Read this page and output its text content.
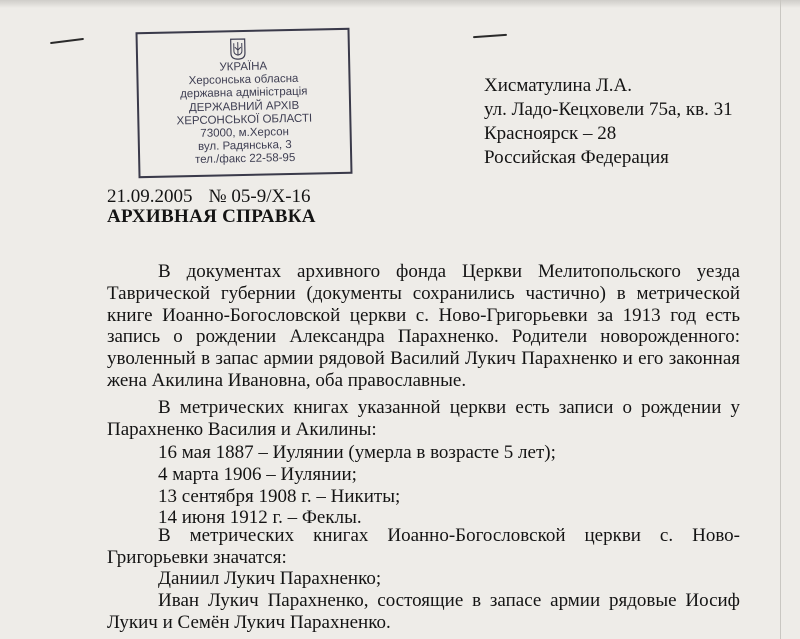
УКРАЇНА
Херсонська обласна
державна адміністрація
ДЕРЖАВНИЙ АРХІВ
ХЕРСОНСЬКОЇ ОБЛАСТІ
73000, м.Херсон
вул. Радянська, 3
тел./факс 22-58-95
Хисматулина Л.А.
ул. Ладо-Кецховели 75а, кв. 31
Красноярск – 28
Российская Федерация
21.09.2005 № 05-9/Х-16
АРХИВНАЯ СПРАВКА

В документах архивного фонда Церкви Мелитопольского уезда Таврической губернии (документы сохранились частично) в метрической книге Иоанно-Богословской церкви с. Ново-Григорьевки за 1913 год есть запись о рождении Александра Парахненко. Родители новорожденного: уволенный в запас армии рядовой Василий Лукич Парахненко и его законная жена Акилина Ивановна, оба православные.

В метрических книгах указанной церкви есть записи о рождении у Парахненко Василия и Акилины:

16 мая 1887 – Иулянии (умерла в возрасте 5 лет);
4 марта 1906 – Иулянии;
13 сентября 1908 г. – Никиты;
14 июня 1912 г. – Феклы.

В метрических книгах Иоанно-Богословской церкви с. Ново-Григорьевки значатся:

Даниил Лукич Парахненко;

Иван Лукич Парахненко, состоящие в запасе армии рядовые Иосиф Лукич и Семён Лукич Парахненко.
